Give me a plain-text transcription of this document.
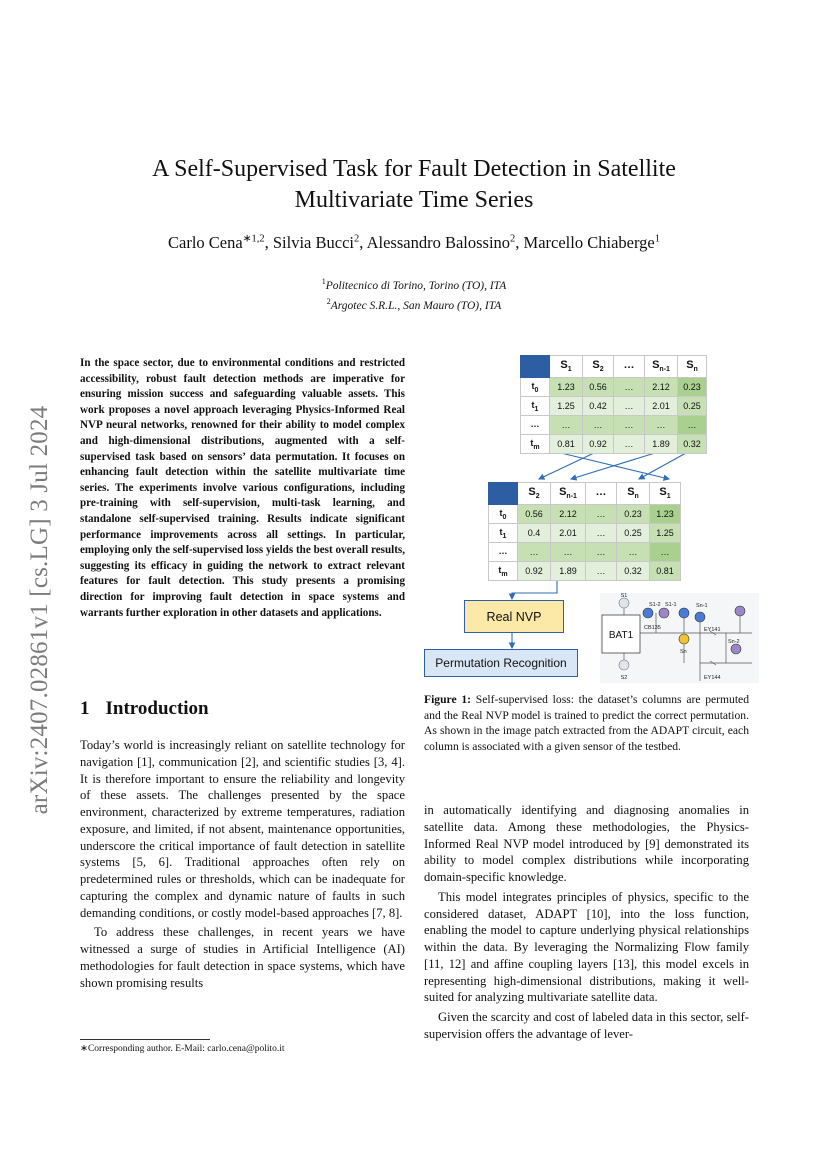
arXiv:2407.02861v1 [cs.LG] 3 Jul 2024
A Self-Supervised Task for Fault Detection in Satellite Multivariate Time Series
Carlo Cena$^{∗1,2}$, Silvia Bucci$^2$, Alessandro Balossino$^2$, Marcello Chiaberge$^1$
$^1$Politecnico di Torino, Torino (TO), ITA
$^2$Argotec S.R.L., San Mauro (TO), ITA
In the space sector, due to environmental conditions and restricted accessibility, robust fault detection methods are imperative for ensuring mission success and safeguarding valuable assets. This work proposes a novel approach leveraging Physics-Informed Real NVP neural networks, renowned for their ability to model complex and high-dimensional distributions, augmented with a self-supervised task based on sensors’ data permutation. It focuses on enhancing fault detection within the satellite multivariate time series. The experiments involve various configurations, including pre-training with self-supervision, multi-task learning, and standalone self-supervised training. Results indicate significant performance improvements across all settings. In particular, employing only the self-supervised loss yields the best overall results, suggesting its efficacy in guiding the network to extract relevant features for fault detection. This study presents a promising direction for improving fault detection in space systems and warrants further exploration in other datasets and applications.
1 Introduction

Today’s world is increasingly reliant on satellite technology for navigation [1], communication [2], and scientific studies [3, 4]. It is therefore important to ensure the reliability and longevity of these assets. The challenges presented by the space environment, characterized by extreme temperatures, radiation exposure, and limited, if not absent, maintenance opportunities, underscore the critical importance of fault detection in satellite systems [5, 6]. Traditional approaches often rely on predetermined rules or thresholds, which can be inadequate for capturing the complex and dynamic nature of faults in such demanding conditions, or costly model-based approaches [7, 8].

To address these challenges, in recent years we have witnessed a surge of studies in Artificial Intelligence (AI) methodologies for fault detection in space systems, which have shown promising results

in automatically identifying and diagnosing anomalies in satellite data. Among these methodologies, the Physics-Informed Real NVP model introduced by [9] demonstrated its ability to model complex distributions while incorporating domain-specific knowledge.

This model integrates principles of physics, specific to the considered dataset, ADAPT [10], into the loss function, enabling the model to capture underlying physical relationships within the data. By leveraging the Normalizing Flow family [11, 12] and affine coupling layers [13], this model excels in representing high-dimensional distributions, making it well-suited for analyzing multivariate satellite data.

Given the scarcity and cost of labeled data in this sector, self-supervision offers the advantage of lever-

∗Corresponding author. E-Mail: carlo.cena@polito.it
	$S_1$	$S_2$	…	$S_{n-1}$	$S_n$
$t_0$	1.23	0.56	…	2.12	0.23
$t_1$	1.25	0.42	…	2.01	0.25
…	…	…	…	…	…
$t_m$	0.81	0.92	…	1.89	0.32
	$S_2$	$S_{n-1}$	…	$S_n$	$S_1$
$t_0$	0.56	2.12	…	0.23	1.23
$t_1$	0.4	2.01	…	0.25	1.25
…	…	…	…	…	…
$t_m$	0.92	1.89	…	0.32	0.81
Real NVP
Permutation Recognition
BAT1
S1
S1-2 S1-1	Sn-1
Sn-2
Sn
S2
CB135	EY141
EY144
Figure 1: Self-supervised loss: the dataset’s columns are permuted and the Real NVP model is trained to predict the correct permutation. As shown in the image patch extracted from the ADAPT circuit, each column is associated with a given sensor of the testbed.
